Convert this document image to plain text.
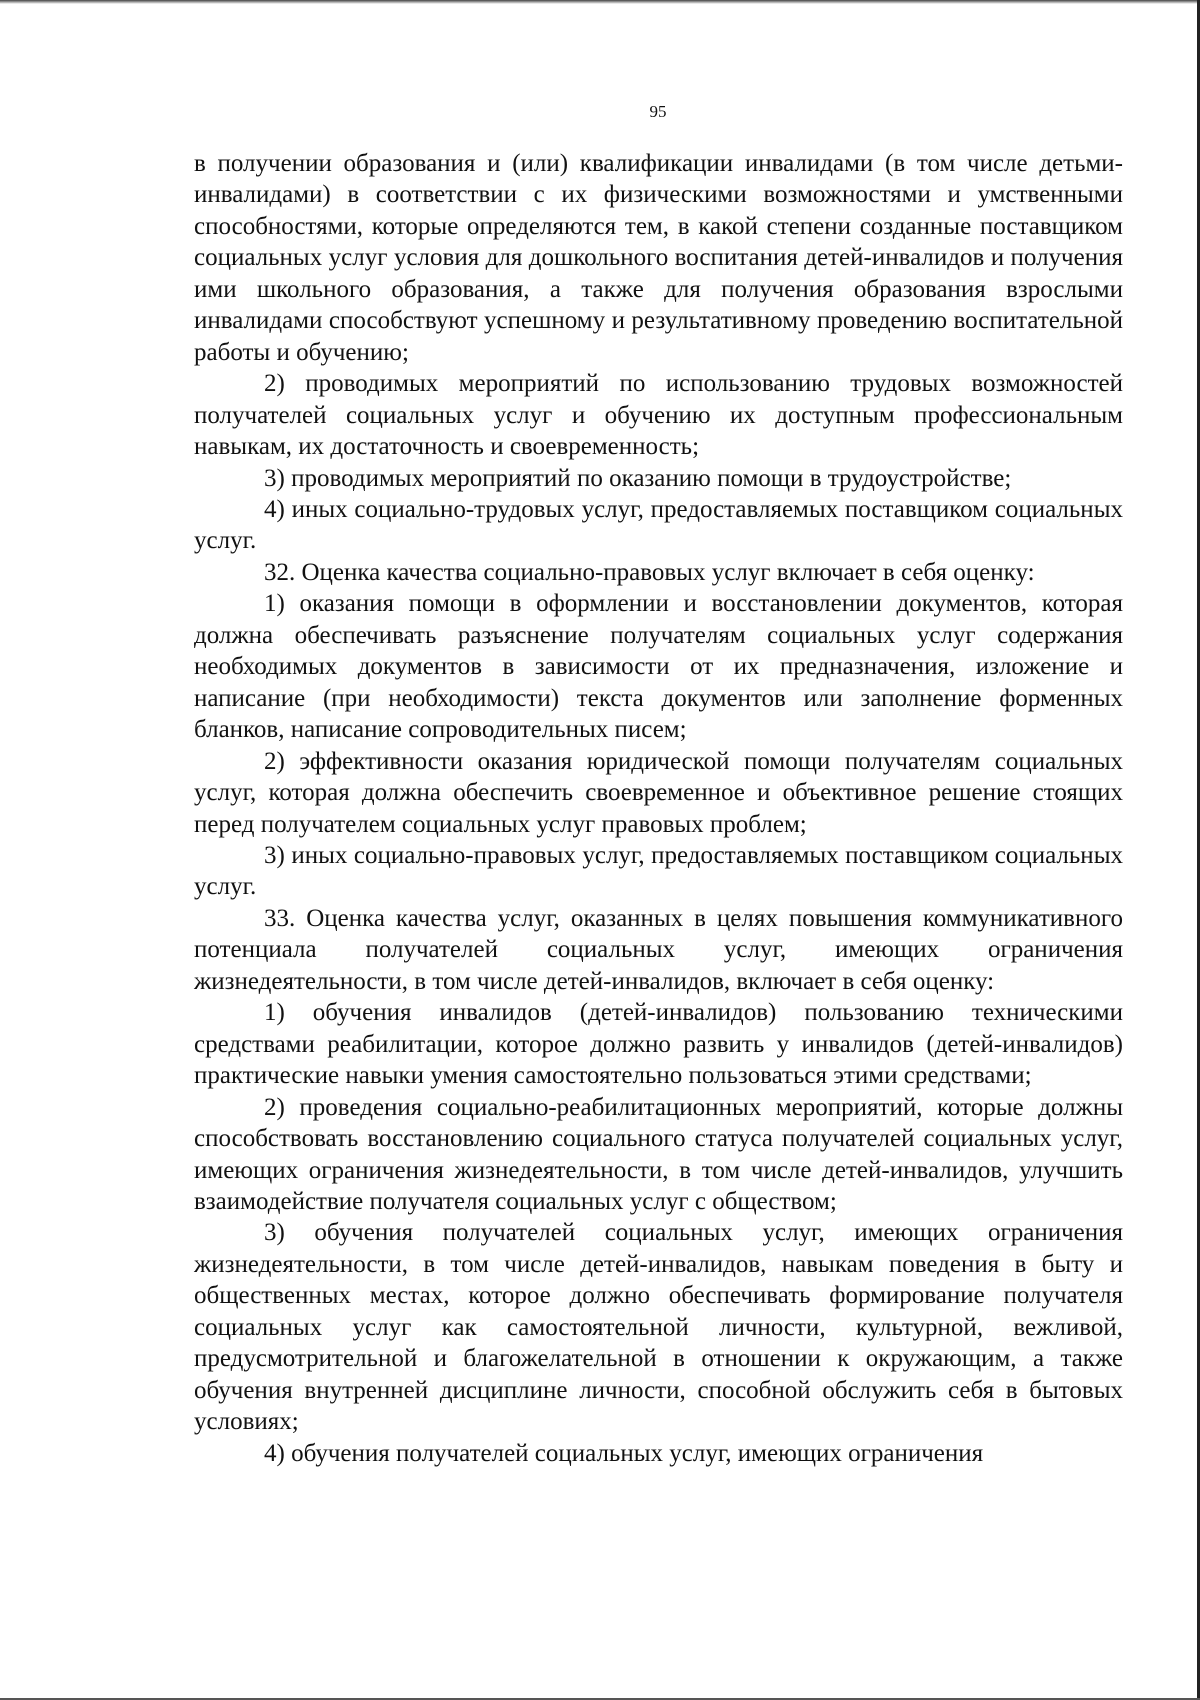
95

в получении образования и (или) квалификации инвалидами (в том числе детьми-инвалидами) в соответствии с их физическими возможностями и умственными способностями, которые определяются тем, в какой степени созданные поставщиком социальных услуг условия для дошкольного воспитания детей-инвалидов и получения ими школьного образования, а также для получения образования взрослыми инвалидами способствуют успешному и результативному проведению воспитательной работы и обучению;

2) проводимых мероприятий по использованию трудовых возможностей получателей социальных услуг и обучению их доступным профессиональным навыкам, их достаточность и своевременность;

3) проводимых мероприятий по оказанию помощи в трудоустройстве;

4) иных социально-трудовых услуг, предоставляемых поставщиком социальных услуг.

32. Оценка качества социально-правовых услуг включает в себя оценку:

1) оказания помощи в оформлении и восстановлении документов, которая должна обеспечивать разъяснение получателям социальных услуг содержания необходимых документов в зависимости от их предназначения, изложение и написание (при необходимости) текста документов или заполнение форменных бланков, написание сопроводительных писем;

2) эффективности оказания юридической помощи получателям социальных услуг, которая должна обеспечить своевременное и объективное решение стоящих перед получателем социальных услуг правовых проблем;

3) иных социально-правовых услуг, предоставляемых поставщиком социальных услуг.

33. Оценка качества услуг, оказанных в целях повышения коммуникативного потенциала получателей социальных услуг, имеющих ограничения жизнедеятельности, в том числе детей-инвалидов, включает в себя оценку:

1) обучения инвалидов (детей-инвалидов) пользованию техническими средствами реабилитации, которое должно развить у инвалидов (детей-инвалидов) практические навыки умения самостоятельно пользоваться этими средствами;

2) проведения социально-реабилитационных мероприятий, которые должны способствовать восстановлению социального статуса получателей социальных услуг, имеющих ограничения жизнедеятельности, в том числе детей-инвалидов, улучшить взаимодействие получателя социальных услуг с обществом;

3) обучения получателей социальных услуг, имеющих ограничения жизнедеятельности, в том числе детей-инвалидов, навыкам поведения в быту и общественных местах, которое должно обеспечивать формирование получателя социальных услуг как самостоятельной личности, культурной, вежливой, предусмотрительной и благожелательной в отношении к окружающим, а также обучения внутренней дисциплине личности, способной обслужить себя в бытовых условиях;

4) обучения получателей социальных услуг, имеющих ограничения
